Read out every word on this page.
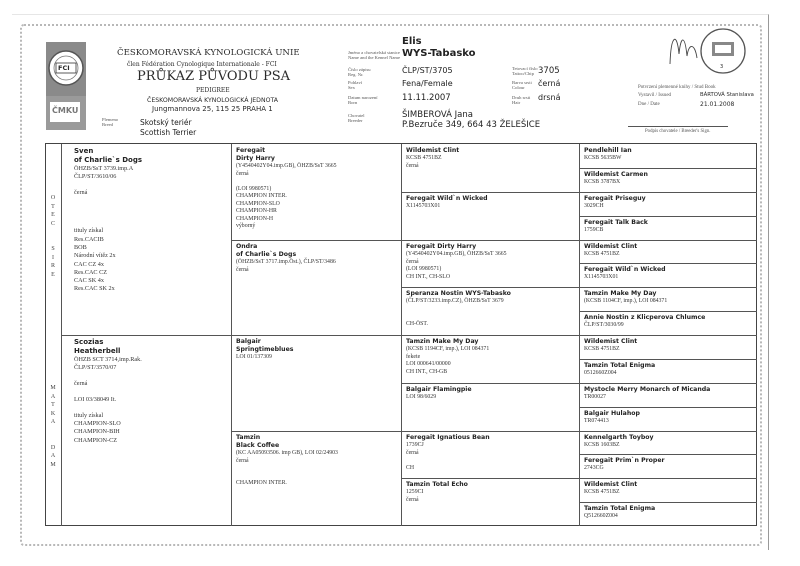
FCI
ČMKU
ČESKOMORAVSKÁ KYNOLOGICKÁ UNIE
člen Fédération Cynologique Internationale - FCI
PRŮKAZ PŮVODU PSA
PEDIGREE
ČESKOMORAVSKÁ KYNOLOGICKÁ JEDNOTA
Jungmannova 25, 115 25 PRAHA 1
Plemeno
Breed	Skotský teriér
Scottish Terrier
Jméno a chovatelská stanice
Name and the Kennel Name
Elis
WYS-Tabasko
Číslo zápisu
Reg. Nr.	ČLP/ST/3705
Pohlaví
Sex	Fena/Female
Datum narození
Born	11.11.2007
Chovatel
Breeder
ŠIMBEROVÁ Jana
P.Bezruče 349, 664 43 ŽELEŠICE
Tetovací číslo
Tattoo/Chip 3705
Barva srsti
Colour	černá
Druh srsti
Hair
drsná
3
Potvrzení plemenné knihy / Stud Book
Vystavil / Issued	BÁRTOVÁ Stanislava
Dne / Date	21.01.2008
Podpis chovatele / Breeder's Sign.
O
T
E
C
S
I
R
E
M
A
T
K
A
D
A
M
Sven
of Charlie`s Dogs
ÖHZB/SsT 3739.imp.A
ČLP/ST/3610/06
černá
tituly získal
Res.CACIB
BOB
Národní vítěz 2x
CAC CZ 4x
Res.CAC CZ
CAC SK 4x
Res.CAC SK 2x
Scozias
Heatherbell
ÖHZB SCT 3714,imp.Rak.
ČLP/ST/3570/07
černá
LOI 03/38049 It.
tituly získal
CHAMPION-SLO
CHAMPION-BIH
CHAMPION-CZ
Feregait
Dirty Harry
(Y4540402Y04.imp.GB), ÖHZB/SsT 3665
černá
(LOI 9980571)
CHAMPION INTER.
CHAMPION-SLO
CHAMPION-HR
CHAMPION-H
výborný
Ondra
of Charlie`s Dogs
(ÖHZB/SsT 3717.imp.Öst.), ČLP/ST/3486
černá
Balgair
Springtimeblues
LOI 01/137309
Tamzin
Black Coffee
(KC AA05093506. imp GB), LOI 02/24903
černá
CHAMPION INTER.
Wildemist Clint
KCSB 4751BZ
černá
Feregait Wild`n Wicked
X1145703X01
Feregait Dirty Harry
(Y4540402Y04.imp.GB), ÖHZB/SsT 3665
černá
(LOI 9980571)
CH INT., CH-SLO
Speranza Nostin WYS-Tabasko
(ČLP/ST/3233.imp.CZ), ÖHZB/SsT 3679
CH-ÖST.
Tamzin Make My Day
(KCSB 1194CF, imp.), LOI 084371
fekete
LOI 000641/00000
CH INT., CH-GB
Balgair Flamingpie
LOI 98/6029
Feregait Ignatious Bean
1739CJ
černá
CH
Tamzin Total Echo
1259CI
černá
Pendlehill Ian
KCSB 5635BW
Wildemist Carmen
KCSB 3787BX
Feregait Priseguy
3029CH
Feregait Talk Back
1759CB
Wildemist Clint
KCSB 4751BZ
Feregait Wild`n Wicked
X1145703X01
Tamzin Make My Day
(KCSB 1104CF, imp.), LOI 084371
Annie Nostin z Klicperova Chlumce
ČLP/ST/3030/99
Wildemist Clint
KCSB 4751BZ
Tamzin Total Enigma
0512660Z004
Mystocle Merry Monarch of Micanda
TR00027
Balgair Hulahop
TR074413
Kennelgarth Toyboy
KCSB 1603BZ
Feregait Prim`n Proper
2743CG
Wildemist Clint
KCSB 4751BZ
Tamzin Total Enigma
Q512660Z004
